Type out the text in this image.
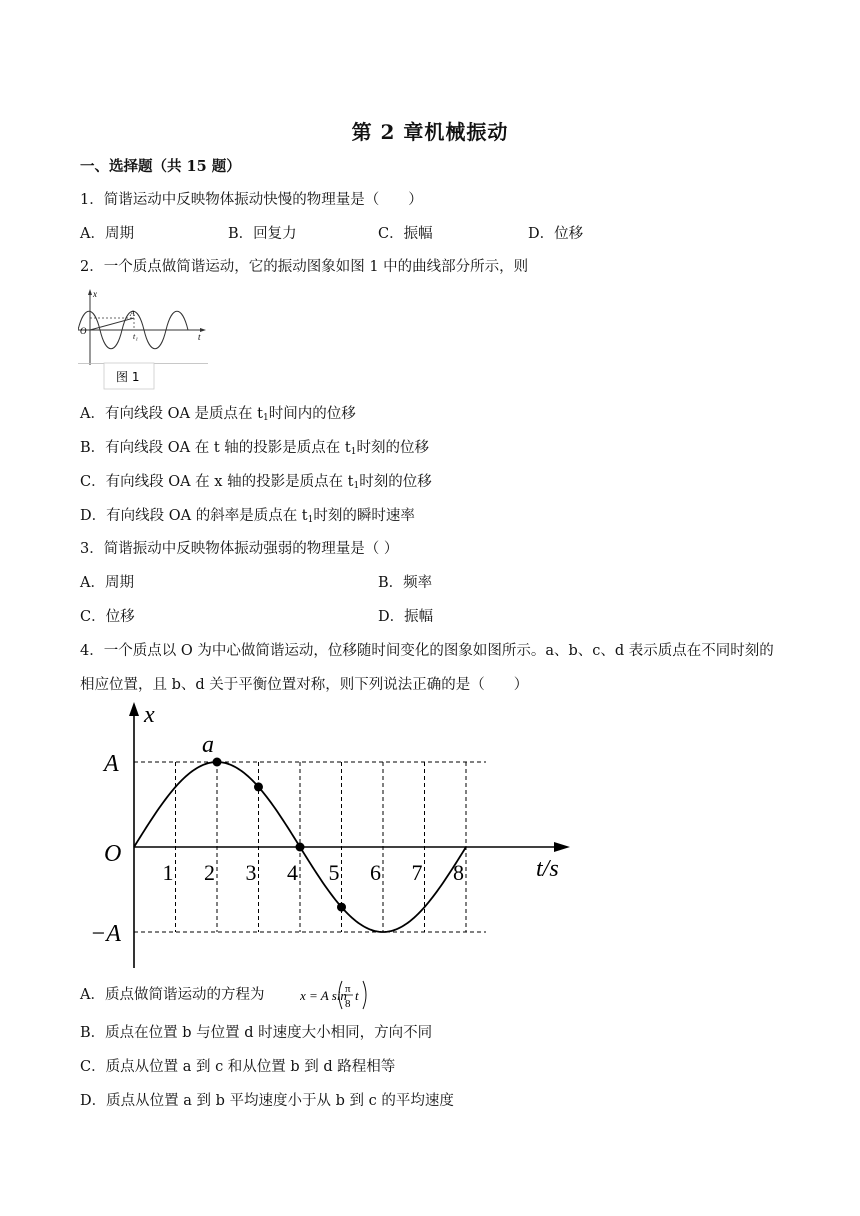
第 2 章机械振动
一、选择题（共 15 题）
1．简谐运动中反映物体振动快慢的物理量是（　　）
A．周期	B．回复力	C．振幅	D．位移
2．一个质点做简谐运动，它的振动图象如图 1 中的曲线部分所示，则
x
O
A
t₁	t
图 1
A．有向线段 OA 是质点在 $t_1$时间内的位移
B．有向线段 OA 在 t 轴的投影是质点在 $t_1$时刻的位移
C．有向线段 OA 在 x 轴的投影是质点在 $t_1$时刻的位移
D．有向线段 OA 的斜率是质点在 $t_1$时刻的瞬时速率
3．简谐振动中反映物体振动强弱的物理量是（ ）
A．周期	B．频率
C．位移	D．振幅
4．一个质点以 O 为中心做简谐运动，位移随时间变化的图象如图所示。a、b、c、d 表示质点在不同时刻的
相应位置，且 b、d 关于平衡位置对称，则下列说法正确的是（　　）
1 2 3 4 5 6 7 8
x
t/s
A
−A
O
a
A．质点做简谐运动的方程为	x = A sin
π
8
t
B．质点在位置 b 与位置 d 时速度大小相同，方向不同
C．质点从位置 a 到 c 和从位置 b 到 d 路程相等
D．质点从位置 a 到 b 平均速度小于从 b 到 c 的平均速度
